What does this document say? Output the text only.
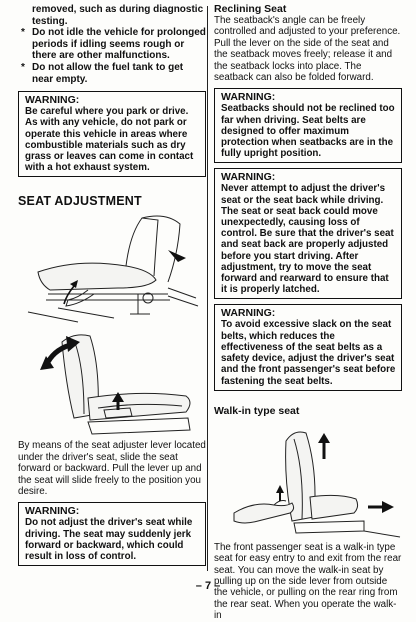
removed, such as during diagnostic testing.
* Do not idle the vehicle for prolonged periods if idling seems rough or there are other malfunctions.
* Do not allow the fuel tank to get near empty.
WARNING:
Be careful where you park or drive. As with any vehicle, do not park or operate this vehicle in areas where combustible materials such as dry grass or leaves can come in contact with a hot exhaust system.
SEAT ADJUSTMENT
By means of the seat adjuster lever located under the driver's seat, slide the seat forward or backward. Pull the lever up and the seat will slide freely to the position you desire.
WARNING:
Do not adjust the driver's seat while driving. The seat may suddenly jerk forward or backward, which could result in loss of control.
Reclining Seat
The seatback's angle can be freely controlled and adjusted to your preference. Pull the lever on the side of the seat and the seatback moves freely; release it and the seatback locks into place. The seatback can also be folded forward.
WARNING:
Seatbacks should not be reclined too far when driving. Seat belts are designed to offer maximum protection when seatbacks are in the fully upright position.
WARNING:
Never attempt to adjust the driver's seat or the seat back while driving. The seat or seat back could move unexpectedly, causing loss of control. Be sure that the driver's seat and seat back are properly adjusted before you start driving. After adjustment, try to move the seat forward and rearward to ensure that it is properly latched.
WARNING:
To avoid excessive slack on the seat belts, which reduces the effectiveness of the seat belts as a safety device, adjust the driver's seat and the front passenger's seat before fastening the seat belts.
Walk-in type seat
The front passenger seat is a walk-in type seat for easy entry to and exit from the rear seat. You can move the walk-in seat by pulling up on the side lever from outside the vehicle, or pulling on the rear ring from the rear seat. When you operate the walk-in
– 7 –
